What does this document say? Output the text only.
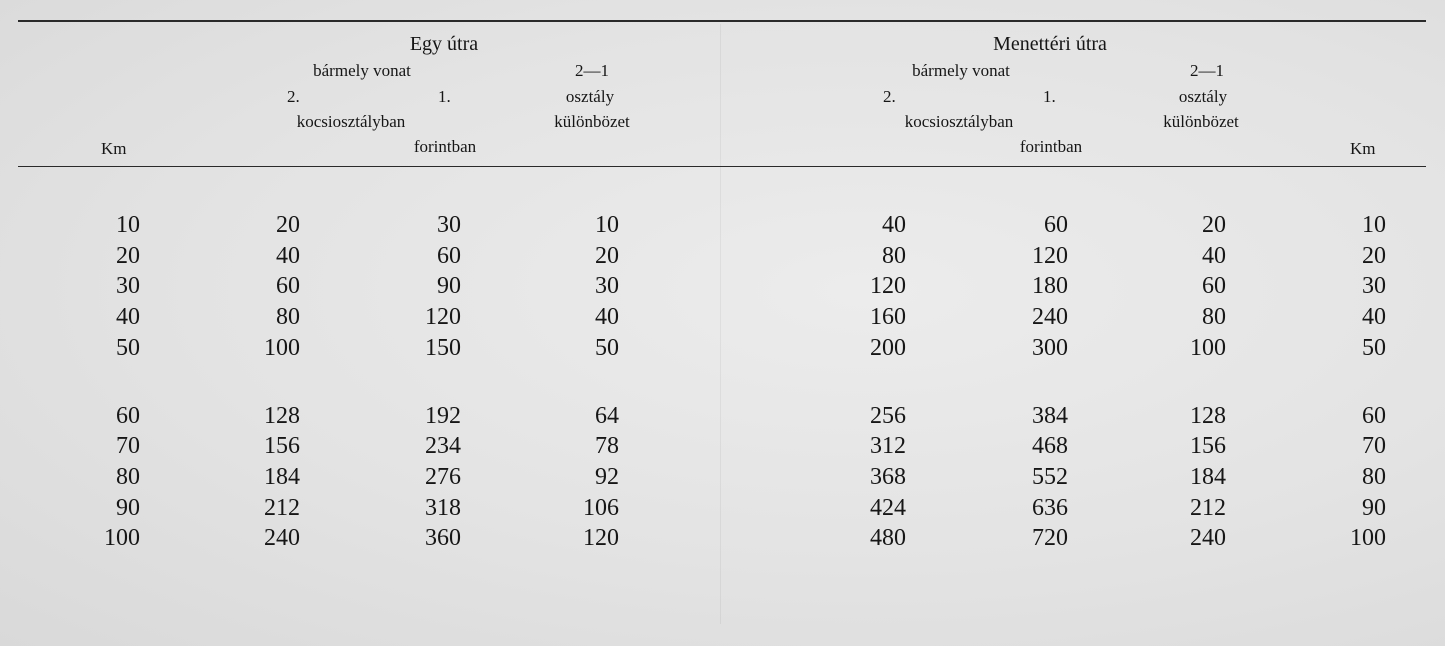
Egy útra
bármely vonat	2—1
2.	1.	osztály
kocsiosztályban	különbözet
Km	forintban
Menettéri útra
bármely vonat	2—1
2.	1.	osztály
kocsiosztályban	különbözet
forintban	Km
10	20	30	10	40	60	20	10
20	40	60	20	80	120	40	20
30	60	90	30	120	180	60	30
40	80	120	40	160	240	80	40
50	100	150	50	200	300	100	50
60	128	192	64	256	384	128	60
70	156	234	78	312	468	156	70
80	184	276	92	368	552	184	80
90	212	318	106	424	636	212	90
100	240	360	120	480	720	240	100
